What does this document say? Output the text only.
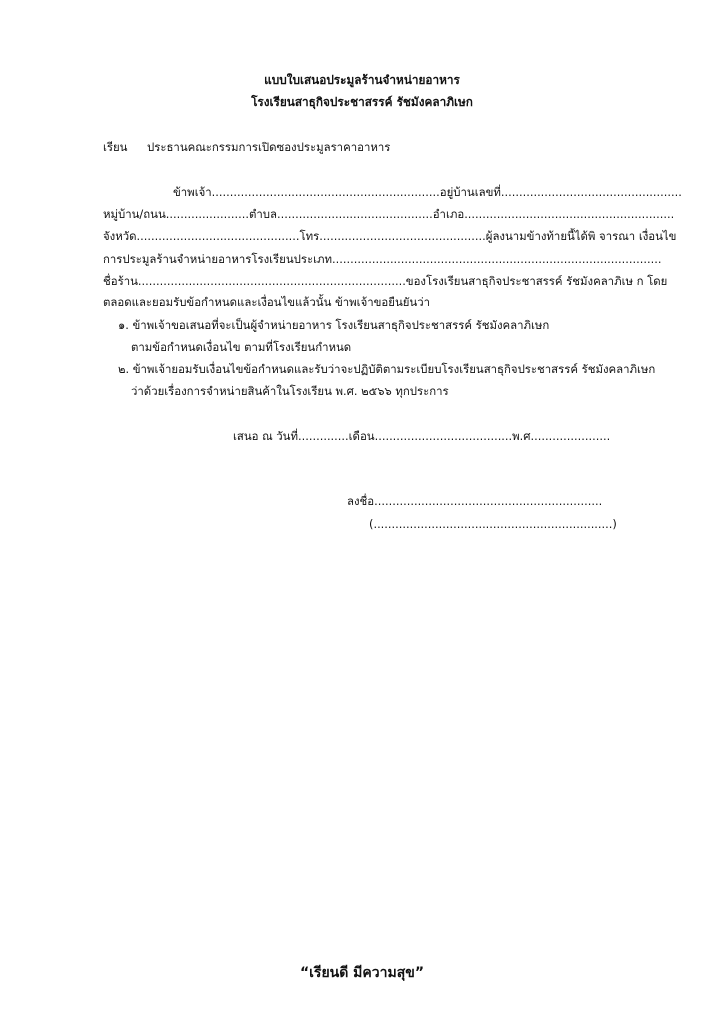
แบบใบเสนอประมูลร้านจำหน่ายอาหาร
โรงเรียนสาธุกิจประชาสรรค์ รัชมังคลาภิเษก
เรียน ประธานคณะกรรมการเปิดซองประมูลราคาอาหาร
ข้าพเจ้า...............................................................อยู่บ้านเลขที่..................................................
หมู่บ้าน/ถนน.......................ตำบล...........................................อำเภอ..........................................................
จังหวัด.............................................โทร..............................................ผู้ลงนามข้างท้ายนี้ได้พิ จารณา เงื่อนไข
การประมูลร้านจำหน่ายอาหารโรงเรียนประเภท...........................................................................................
ชื่อร้าน..........................................................................ของโรงเรียนสาธุกิจประชาสรรค์ รัชมังคลาภิเษ ก โดย
ตลอดและยอมรับข้อกำหนดและเงื่อนไขแล้วนั้น ข้าพเจ้าขอยืนยันว่า
๑. ข้าพเจ้าขอเสนอที่จะเป็นผู้จำหน่ายอาหาร โรงเรียนสาธุกิจประชาสรรค์ รัชมังคลาภิเษก
ตามข้อกำหนดเงื่อนไข ตามที่โรงเรียนกำหนด
๒. ข้าพเจ้ายอมรับเงื่อนไขข้อกำหนดและรับว่าจะปฏิบัติตามระเบียบโรงเรียนสาธุกิจประชาสรรค์ รัชมังคลาภิเษก
ว่าด้วยเรื่องการจำหน่ายสินค้าในโรงเรียน พ.ศ. ๒๕๖๖ ทุกประการ
เสนอ ณ วันที่..............เดือน......................................พ.ศ......................
ลงชื่อ...............................................................
(..................................................................)
“เรียนดี มีความสุข”
